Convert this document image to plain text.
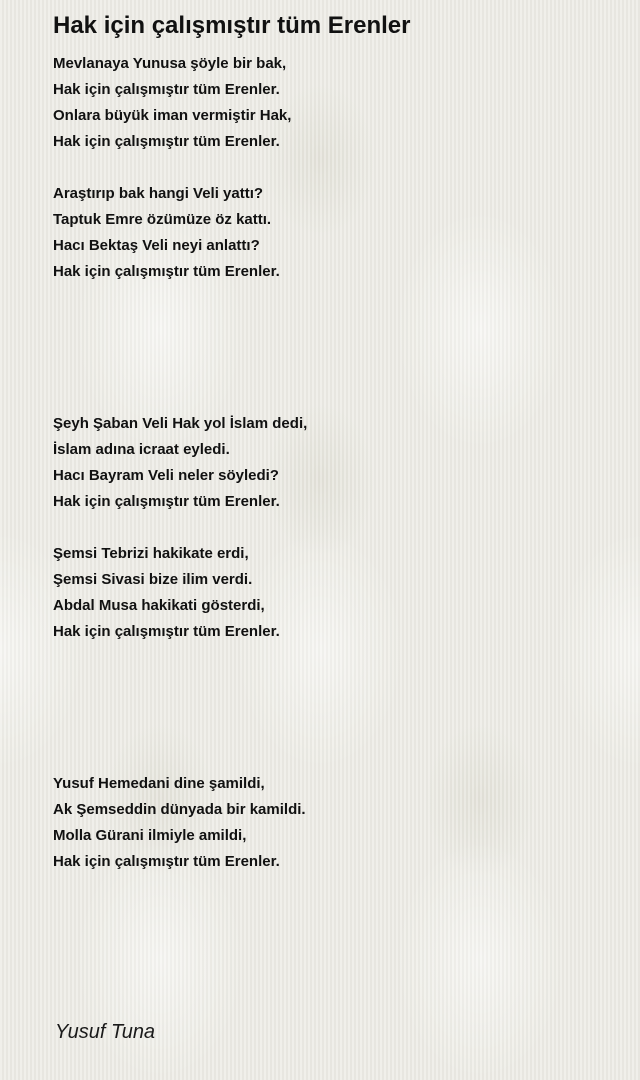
Hak için çalışmıştır tüm Erenler
Mevlanaya Yunusa şöyle bir bak,
Hak için çalışmıştır tüm Erenler.
Onlara büyük iman vermiştir Hak,
Hak için çalışmıştır tüm Erenler.
Araştırıp bak hangi Veli yattı?
Taptuk Emre özümüze öz kattı.
Hacı Bektaş Veli neyi anlattı?
Hak için çalışmıştır tüm Erenler.
Şeyh Şaban Veli Hak yol İslam dedi,
İslam adına icraat eyledi.
Hacı Bayram Veli neler söyledi?
Hak için çalışmıştır tüm Erenler.
Şemsi Tebrizi hakikate erdi,
Şemsi Sivasi bize ilim verdi.
Abdal Musa hakikati gösterdi,
Hak için çalışmıştır tüm Erenler.
Yusuf Hemedani dine şamildi,
Ak Şemseddin dünyada bir kamildi.
Molla Gürani ilmiyle amildi,
Hak için çalışmıştır tüm Erenler.
Yusuf Tuna
